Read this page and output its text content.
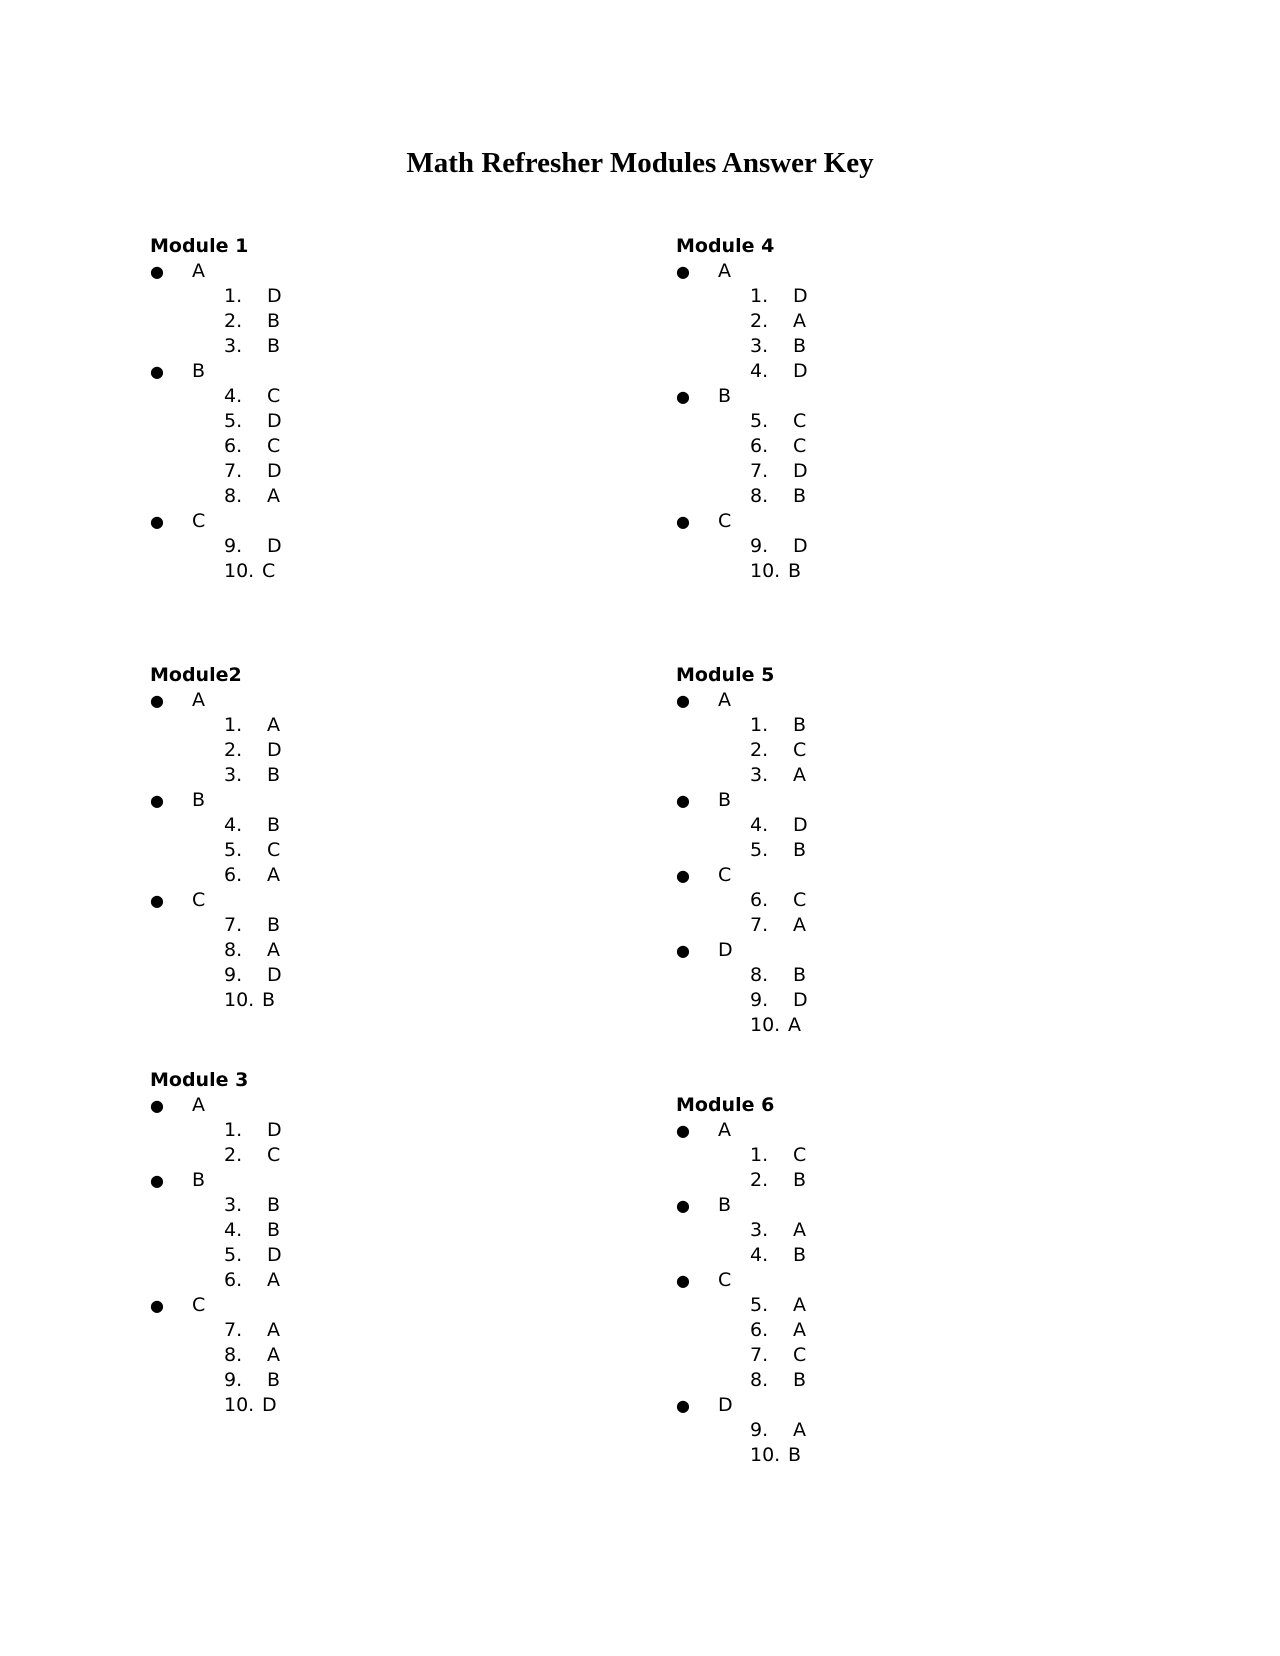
Math Refresher Modules Answer Key
Module 1
● A
1.	D
2.	B
3.	B
● B
4.	C
5.	D
6.	C
7.	D
8.	A
● C
9.	D
10. C
Module2
● A
1.	A
2.	D
3.	B
● B
4.	B
5.	C
6.	A
● C
7.	B
8.	A
9.	D
10. B
Module 3
● A
1.	D
2.	C
● B
3.	B
4.	B
5.	D
6.	A
● C
7.	A
8.	A
9.	B
10. D
Module 4
● A
1.	D
2.	A
3.	B
4.	D
● B
5.	C
6.	C
7.	D
8.	B
● C
9.	D
10. B
Module 5
● A
1.	B
2.	C
3.	A
● B
4.	D
5.	B
● C
6.	C
7.	A
● D
8.	B
9.	D
10. A
Module 6
● A
1.	C
2.	B
● B
3.	A
4.	B
● C
5.	A
6.	A
7.	C
8.	B
● D
9.	A
10. B
